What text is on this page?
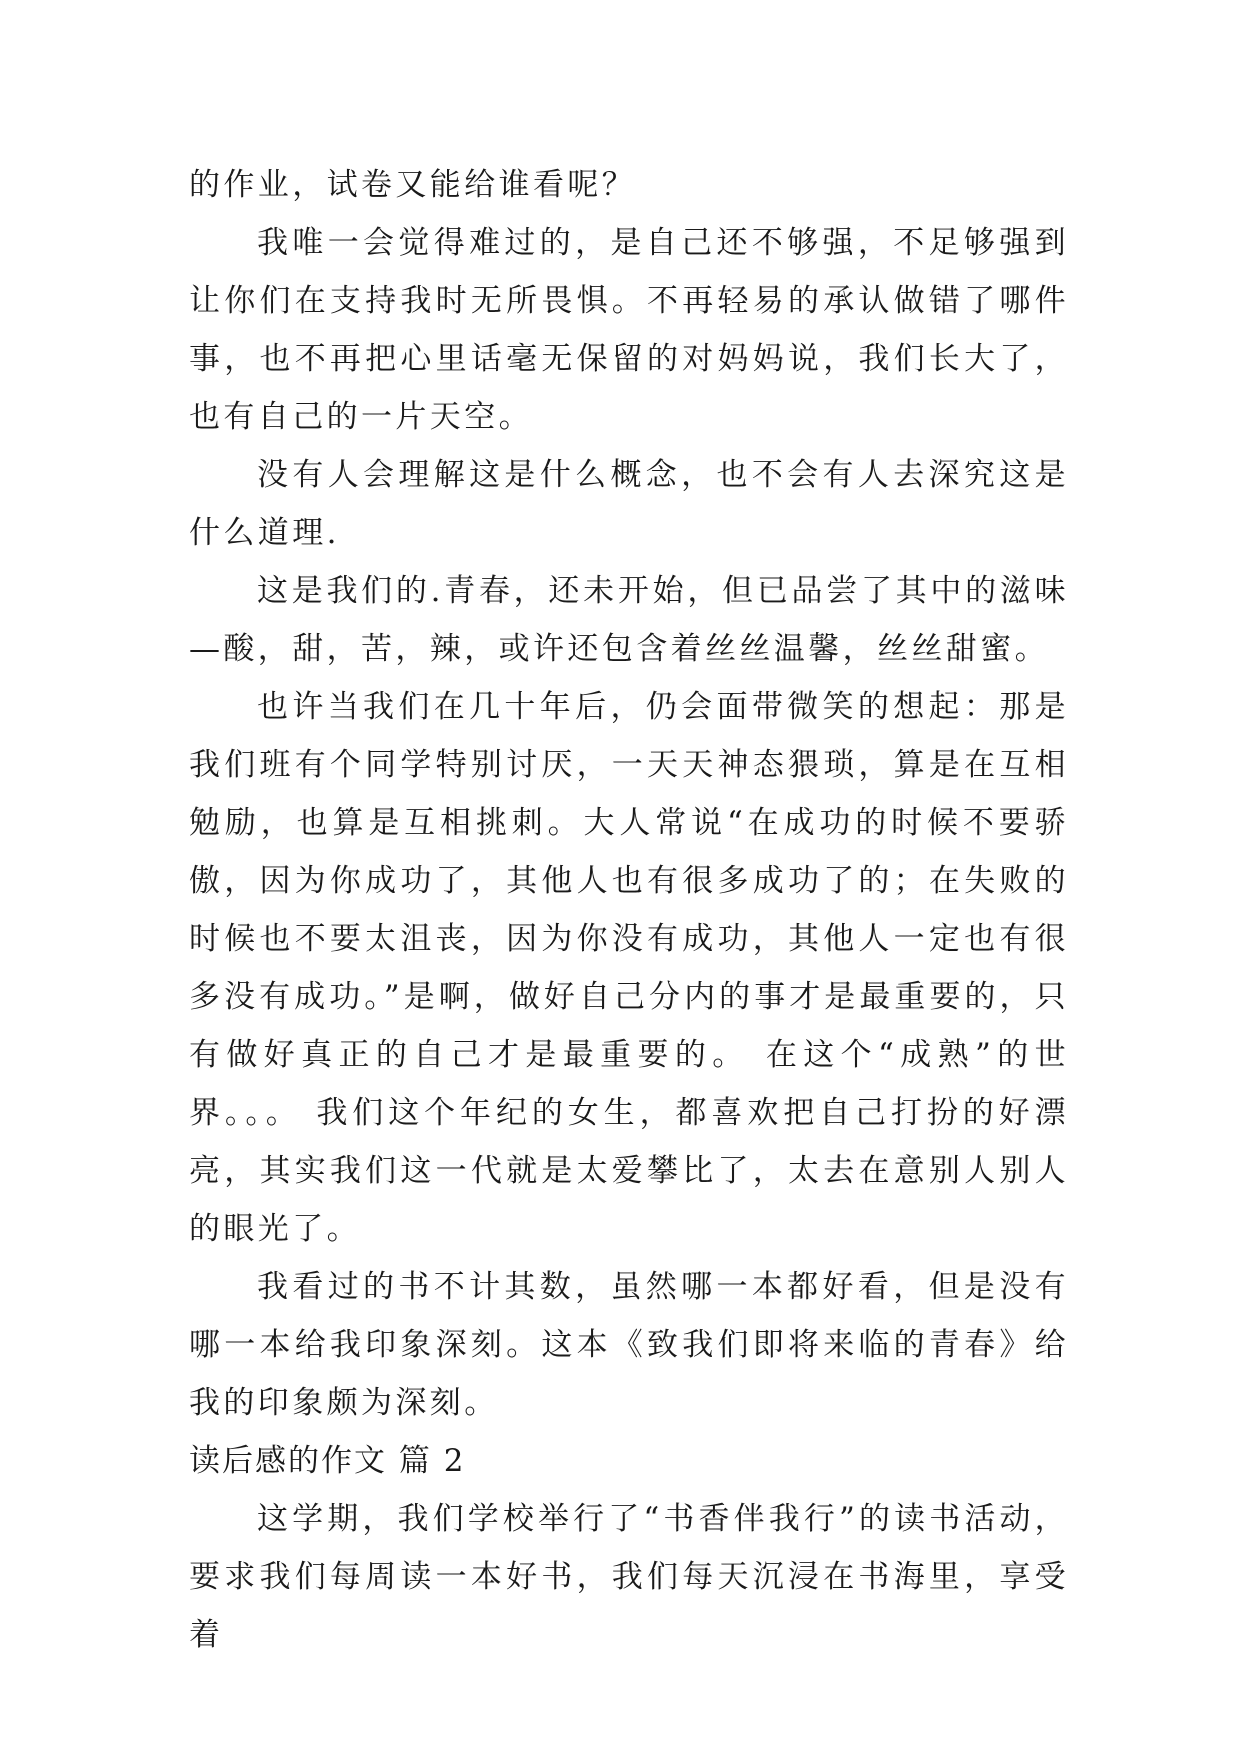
的作业，试卷又能给谁看呢？

我唯一会觉得难过的，是自己还不够强，不足够强到让你们在支持我时无所畏惧。不再轻易的承认做错了哪件事，也不再把心里话毫无保留的对妈妈说，我们长大了，也有自己的一片天空。

没有人会理解这是什么概念，也不会有人去深究这是什么道理.

这是我们的.青春，还未开始，但已品尝了其中的滋味—酸，甜，苦，辣，或许还包含着丝丝温馨，丝丝甜蜜。

也许当我们在几十年后，仍会面带微笑的想起：那是我们班有个同学特别讨厌，一天天神态猥琐，算是在互相勉励，也算是互相挑刺。大人常说“在成功的时候不要骄傲，因为你成功了，其他人也有很多成功了的；在失败的时候也不要太沮丧，因为你没有成功，其他人一定也有很多没有成功。”是啊，做好自己分内的事才是最重要的，只有做好真正的自己才是最重要的。 在这个“成熟”的世界。。。 我们这个年纪的女生，都喜欢把自己打扮的好漂亮，其实我们这一代就是太爱攀比了，太去在意别人别人的眼光了。

我看过的书不计其数，虽然哪一本都好看，但是没有哪一本给我印象深刻。这本《致我们即将来临的青春》给我的印象颇为深刻。

读后感的作文 篇 2

这学期，我们学校举行了“书香伴我行”的读书活动，要求我们每周读一本好书，我们每天沉浸在书海里，享受着
